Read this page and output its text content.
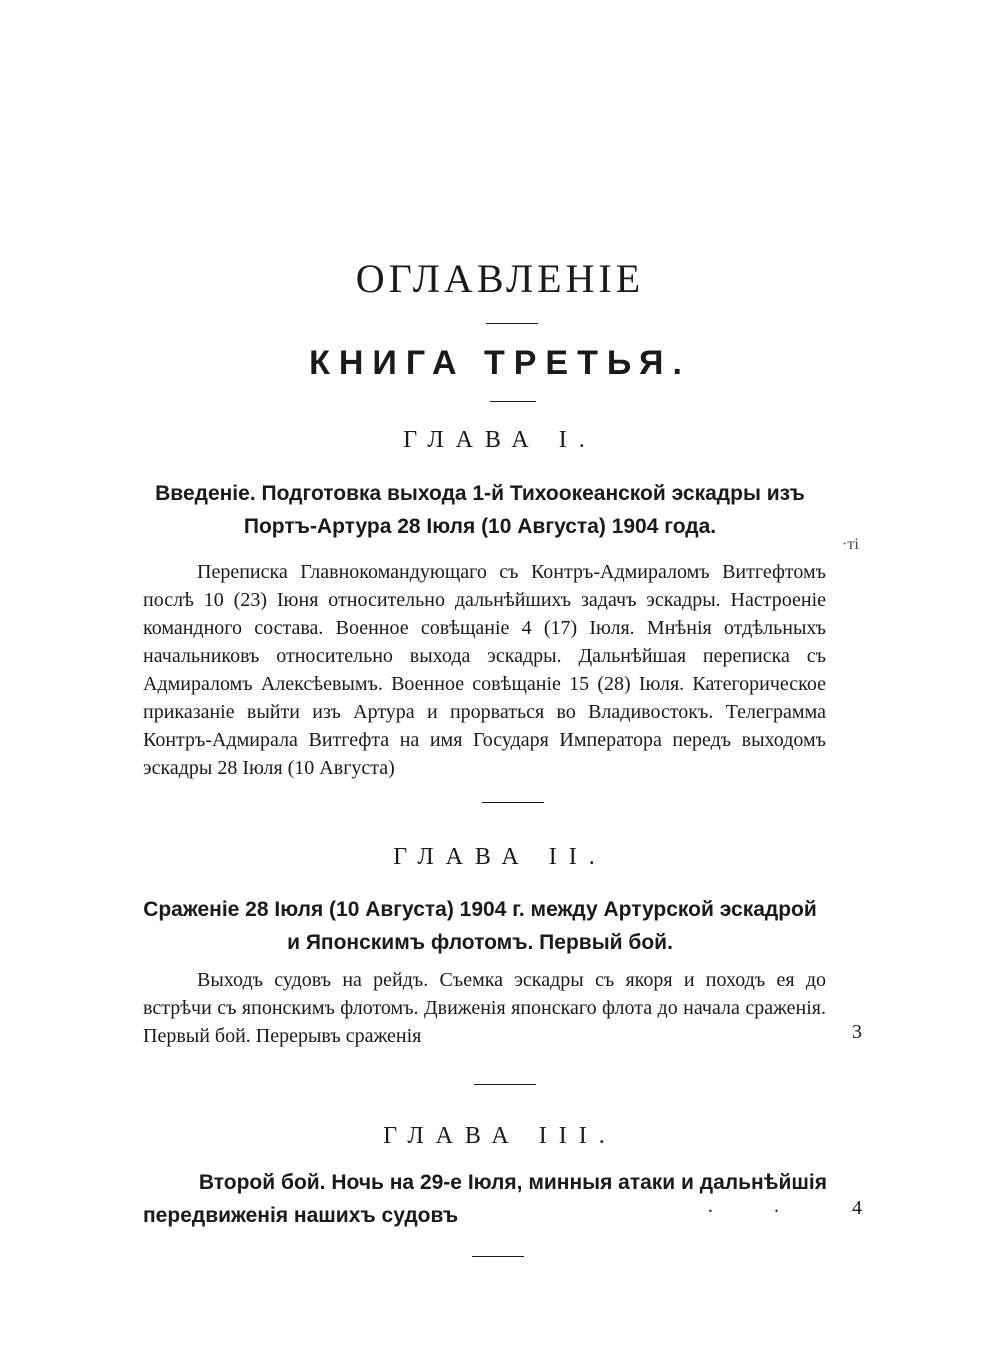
ОГЛАВЛЕНIЕ
КНИГА ТРЕТЬЯ.
ГЛАВА I.

Введенiе. Подготовка выхода 1-й Тихоокеанской эскадры изъ

Портъ-Артура 28 Iюля (10 Августа) 1904 года.

·ті

Переписка Главнокомандующаго съ Контръ-Адмираломъ Витгефтомъ послѣ 10 (23) Iюня относительно дальнѣйшихъ задачъ эскадры. Настроенiе командного состава. Военное совѣщанiе 4 (17) Iюля. Мнѣнiя отдѣльныхъ начальниковъ относительно выхода эскадры. Дальнѣйшая переписка съ Адмираломъ Алексѣевымъ. Военное совѣщанiе 15 (28) Iюля. Категорическое приказанiе выйти изъ Артура и прорваться во Владивостокъ. Телеграмма Контръ-Адмирала Витгефта на имя Государя Императора передъ выходомъ эскадры 28 Iюля (10 Августа)

ГЛАВА II.

Сраженiе 28 Iюля (10 Августа) 1904 г. между Артурской эскадрой

и Японскимъ флотомъ. Первый бой.

Выходъ судовъ на рейдъ. Съемка эскадры съ якоря и походъ ея до встрѣчи съ японскимъ флотомъ. Движенiя японскаго флота до начала сраженiя. Первый бой. Перерывъ сраженiя	3
ГЛАВА III.

Второй бой. Ночь на 29-е Iюля, минныя атаки и дальнѣйшiя

передвиженiя нашихъ судовъ	. . 4
